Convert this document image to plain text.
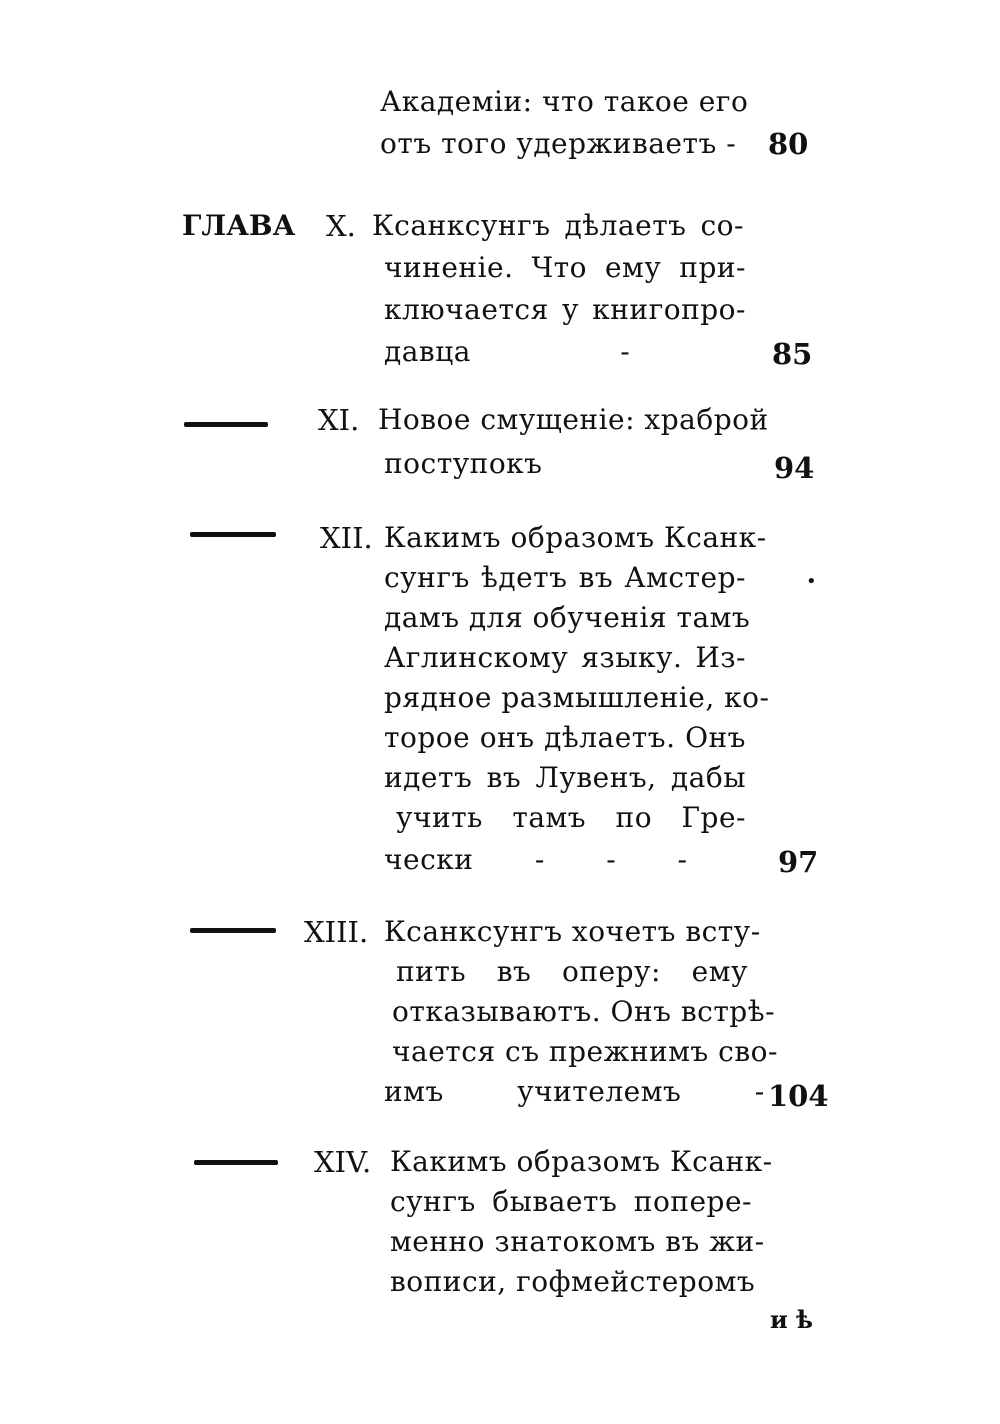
Академiи: что такое его
отъ того удерживаетъ - 80
ГЛАВА X. Ксанксунгъ дѣлаетъ со-
чиненiе. Что ему при-
ключается у книгопро-
давца -	85
XI. Новое смущенiе: храброй
поступокъ	94
XII. Какимъ образомъ Ксанк-
сунгъ ѣдетъ въ Амстер-
дамъ для обученiя тамъ
Аглинскому языку. Из-
рядное размышленiе, ко-
торое онъ дѣлаетъ. Онъ
идетъ въ Лувенъ, дабы
учить тамъ по Гре-
чески - - -	97
•
XIII. Ксанксунгъ хочетъ всту-
пить въ оперу: ему
отказываютъ. Онъ встрѣ-
чается съ прежнимъ сво-
имъ учителемъ - 104
XIV. Какимъ образомъ Ксанк-
сунгъ бываетъ попере-
менно знатокомъ въ жи-
вописи, гофмейстеромъ
и ѣ
